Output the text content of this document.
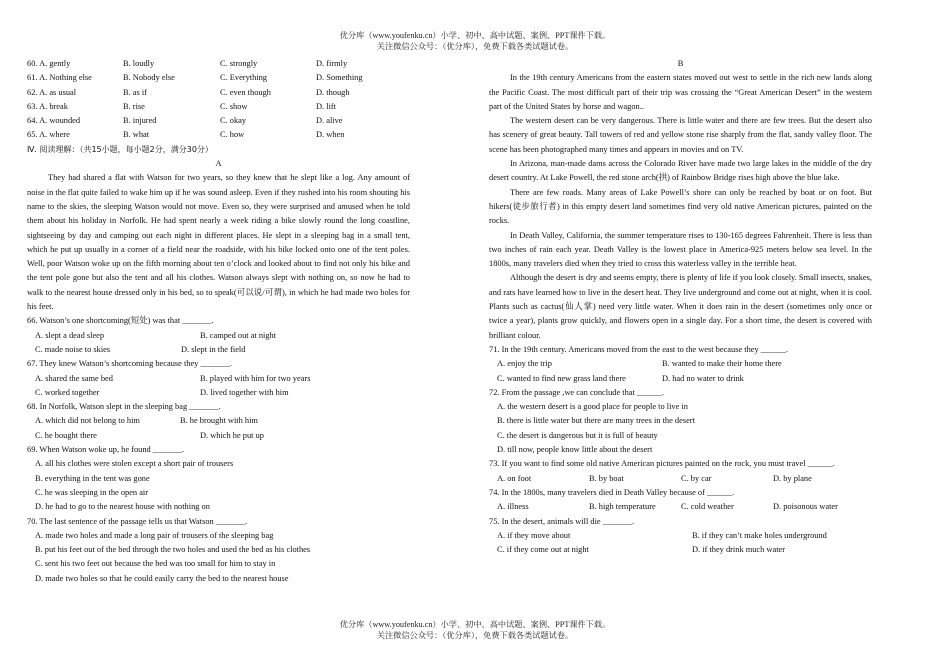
优分库（www.youfenku.cn）小学、初中、高中试题、案例、PPT课件下载。
关注微信公众号：（优分库），免费下载各类试题试卷。
60. A. gently	B. loudly	C. strongly	D. firmly
61. A. Nothing else	B. Nobody else	C. Everything	D. Something
62. A. as usual	B. as if	C. even though	D. though
63. A. break	B. rise	C. show	D. lift
64. A. wounded	B. injured	C. okay	D. alive
65. A. where	B. what	C. how	D. when
Ⅳ. 阅读理解：（共15小题，每小题2分，满分30分）
A

They had shared a flat with Watson for two years, so they knew that he slept like a log. Any amount of noise in the flat quite failed to wake him up if he was sound asleep. Even if they rushed into his room shouting his name to the skies, the sleeping Watson would not move. Even so, they were surprised and amused when he told them about his holiday in Norfolk. He had spent nearly a week riding a bike slowly round the long coastline, sightseeing by day and camping out each night in different places. He slept in a sleeping bag in a small tent, which he put up usually in a corner of a field near the roadside, with his bike locked onto one of the tent poles. Well, poor Watson woke up on the fifth morning about ten o’clock and looked about to find not only his bike and the tent pole gone but also the tent and all his clothes. Watson always slept with nothing on, so now he had to walk to the nearest house dressed only in his bed, so to speak(可以说/可谓), in which he had made two holes for his feet.

66. Watson’s one shortcoming(短处) was that _______.

A. slept a dead sleep	B. camped out at night
C. made noise to skies	D. slept in the field

67. They knew Watson’s shortcoming because they _______.

A. shared the same bed	B. played with him for two years
C. worked together	D. lived together with him

68. In Norfolk, Watson slept in the sleeping bag _______.

A. which did not belong to him	B. he brought with him
C. he bought there	D. which he put up

69. When Watson woke up, he found _______.

A. all his clothes were stolen except a short pair of trousers
B. everything in the tent was gone
C. he was sleeping in the open air
D. he had to go to the nearest house with nothing on

70. The last sentence of the passage tells us that Watson _______.

A. made two holes and made a long pair of trousers of the sleeping bag
B. put his feet out of the bed through the two holes and used the bed as his clothes
C. sent his two feet out because the bed was too small for him to stay in
D. made two holes so that he could easily carry the bed to the nearest house
B

In the 19th century Americans from the eastern states moved out west to settle in the rich new lands along the Pacific Coast. The most difficult part of their trip was crossing the “Great American Desert” in the western part of the United States by horse and wagon..

The western desert can be very dangerous. There is little water and there are few trees. But the desert also has scenery of great beauty. Tall towers of red and yellow stone rise sharply from the flat, sandy valley floor. The scene has been photographed many times and appears in movies and on TV.

In Arizona, man-made dams across the Colorado River have made two large lakes in the middle of the dry desert country. At Lake Powell, the red stone arch(拱) of Rainbow Bridge rises high above the blue lake.

There are few roads. Many areas of Lake Powell’s shore can only be reached by boat or on foot. But hikers(徒步旅行者) in this empty desert land sometimes find very old native American pictures, painted on the rocks.

In Death Valley, California, the summer temperature rises to 130-165 degrees Fahrenheit. There is less than two inches of rain each year. Death Valley is the lowest place in America-925 meters below sea level. In the 1800s, many travelers died when they tried to cross this waterless valley in the terrible heat.

Although the desert is dry and seems empty, there is plenty of life if you look closely. Small insects, snakes, and rats have learned how to live in the desert heat. They live underground and come out at night, when it is cool. Plants such as cactus(仙人掌) need very little water. When it does rain in the desert (sometimes only once or twice a year), plants grow quickly, and flowers open in a single day. For a short time, the desert is covered with brilliant colour.

71. In the 19th century. Americans moved from the east to the west because they ______.

A. enjoy the trip	B. wanted to make their home there
C. wanted to find new grass land there	D. had no water to drink

72. From the passage ,we can conclude that ______.

A. the western desert is a good place for people to live in
B. there is little water but there are many trees in the desert
C. the desert is dangerous but it is full of beauty
D. till now, people know little about the desert

73. If you want to find some old native American pictures painted on the rock, you must travel ______.

A. on foot	B. by boat	C. by car	D. by plane

74. In the 1800s, many travelers died in Death Valley because of ______.

A. illness	B. high temperature	C. cold weather	D. poisonous water

75. In the desert, animals will die _______.

A. if they move about	B. if they can’t make holes underground
C. if they come out at night	D. if they drink much water
优分库（www.youfenku.cn）小学、初中、高中试题、案例、PPT课件下载。
关注微信公众号：（优分库），免费下载各类试题试卷。
